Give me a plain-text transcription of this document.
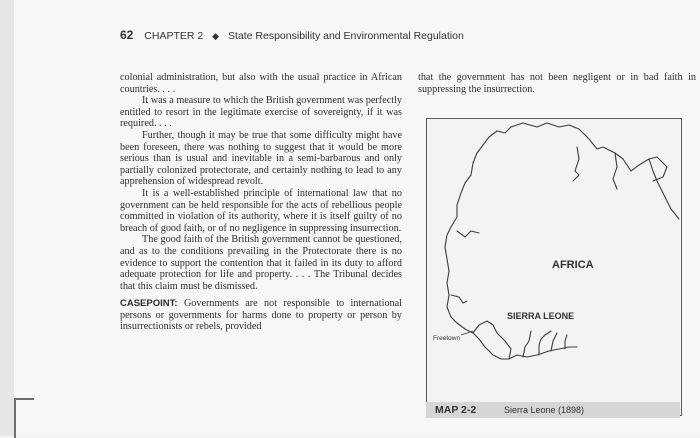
62 CHAPTER 2 ◆ State Responsibility and Environmental Regulation

colonial administration, but also with the usual practice in African countries. . . .

It was a measure to which the British government was perfectly entitled to resort in the legitimate exercise of sovereignty, if it was required. . . .

Further, though it may be true that some difficulty might have been foreseen, there was nothing to suggest that it would be more serious than is usual and inevitable in a semi-barbarous and only partially colonized protectorate, and certainly nothing to lead to any apprehension of widespread revolt.

It is a well-established principle of international law that no government can be held responsible for the acts of rebellious people committed in violation of its authority, where it is itself guilty of no breach of good faith, or of no negligence in suppressing insurrection.

The good faith of the British government cannot be questioned, and as to the conditions prevailing in the Protectorate there is no evidence to support the contention that it failed in its duty to afford adequate protection for life and property. . . . The Tribunal decides that this claim must be dismissed.

CASEPOINT: Governments are not responsible to international persons or governments for harms done to property or person by insurrectionists or rebels, provided

that the government has not been negligent or in bad faith in suppressing the insurrection.

AFRICA
SIERRA LEONE
Freetown
MAP 2-2	Sierra Leone (1898)
